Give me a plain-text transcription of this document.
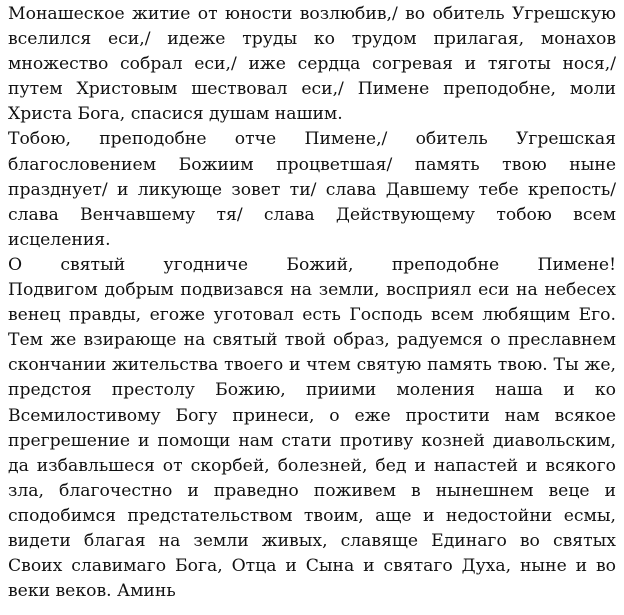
Монашеское житие от юности возлюбив,/ во обитель Угрешскую
вселился еси,/ идеже труды ко трудом прилагая, монахов
множество собрал еси,/ иже сердца согревая и тяготы нося,/
путем Христовым шествовал еси,/ Пимене преподобне, моли
Христа Бога, спасися душам нашим.
Тобою, преподобне отче Пимене,/ обитель Угрешская
благословением Божиим процветшая/ память твою ныне
празднует/ и ликующе зовет ти/ слава Давшему тебе крепость/
слава Венчавшему тя/ слава Действующему тобою всем
исцеления.
О святый угодниче Божий, преподобне Пимене!
Подвигом добрым подвизався на земли, восприял еси на небесех
венец правды, егоже уготовал есть Господь всем любящим Его.
Тем же взирающе на святый твой образ, радуемся о преславнем
скончании жительства твоего и чтем святую память твою. Ты же,
предстоя престолу Божию, приими моления наша и ко
Всемилостивому Богу принеси, о еже простити нам всякое
прегрешение и помощи нам стати противу козней диавольским,
да избавльшеся от скорбей, болезней, бед и напастей и всякого
зла, благочестно и праведно поживем в нынешнем веце и
сподобимся предстательством твоим, аще и недостойни есмы,
видети благая на земли живых, славяще Единаго во святых
Своих славимаго Бога, Отца и Сына и святаго Духа, ныне и во
веки веков. Аминь
